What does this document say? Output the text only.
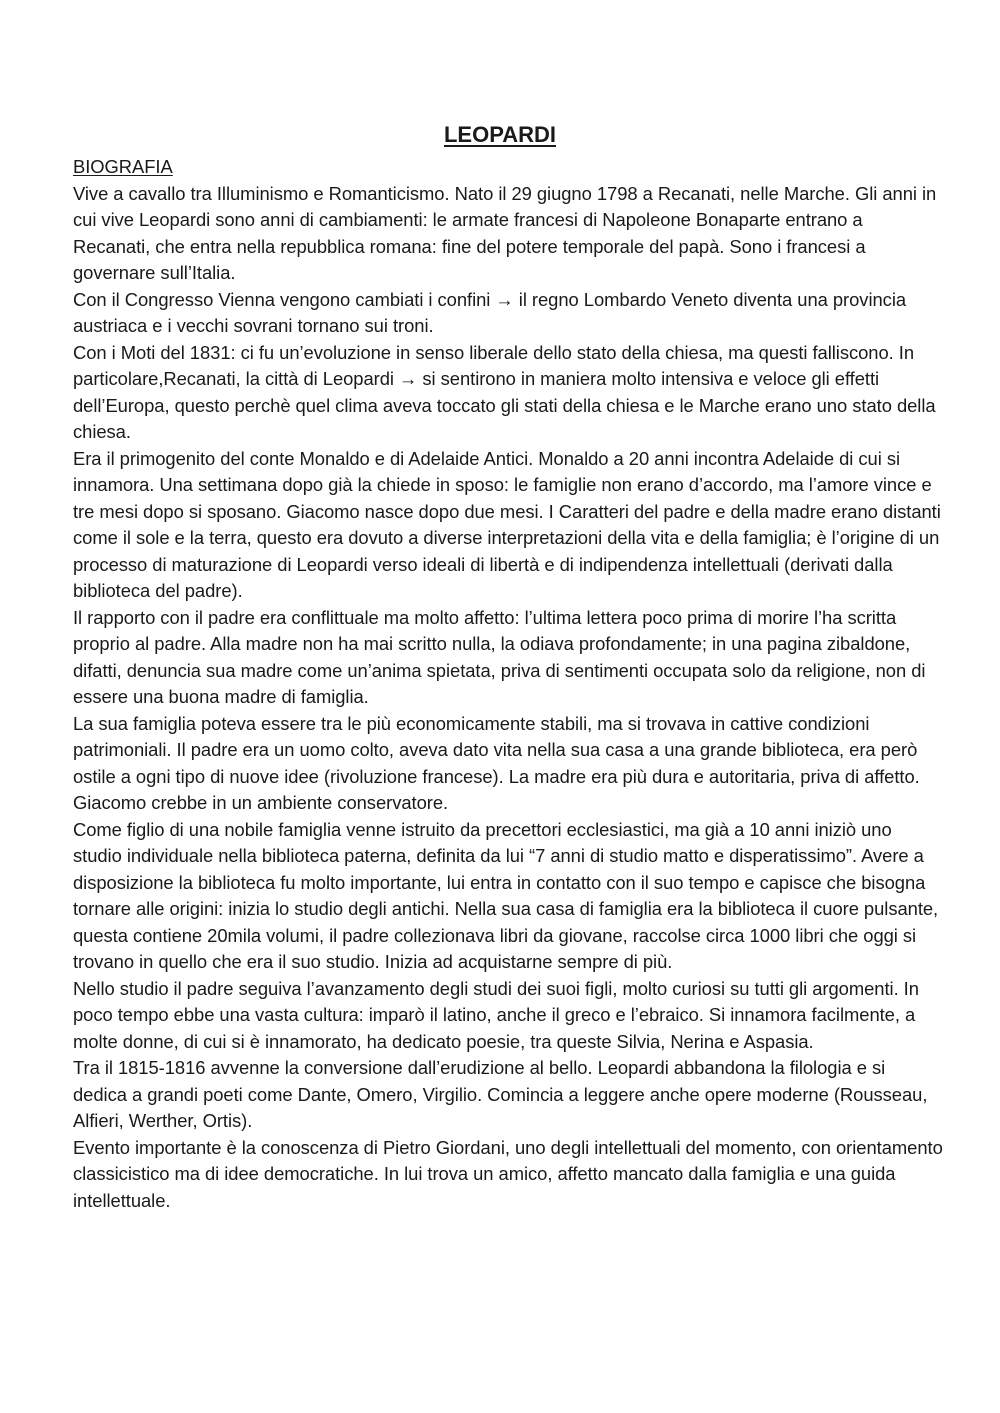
LEOPARDI
BIOGRAFIA

Vive a cavallo tra Illuminismo e Romanticismo. Nato il 29 giugno 1798 a Recanati, nelle Marche. Gli anni in cui vive Leopardi sono anni di cambiamenti: le armate francesi di Napoleone Bonaparte entrano a Recanati, che entra nella repubblica romana: fine del potere temporale del papà. Sono i francesi a governare sull’Italia.

Con il Congresso Vienna vengono cambiati i confini → il regno Lombardo Veneto diventa una provincia austriaca e i vecchi sovrani tornano sui troni.

Con i Moti del 1831: ci fu un’evoluzione in senso liberale dello stato della chiesa, ma questi falliscono. In particolare,Recanati, la città di Leopardi → si sentirono in maniera molto intensiva e veloce gli effetti dell’Europa, questo perchè quel clima aveva toccato gli stati della chiesa e le Marche erano uno stato della chiesa.

Era il primogenito del conte Monaldo e di Adelaide Antici. Monaldo a 20 anni incontra Adelaide di cui si innamora. Una settimana dopo già la chiede in sposo: le famiglie non erano d’accordo, ma l’amore vince e tre mesi dopo si sposano. Giacomo nasce dopo due mesi. I Caratteri del padre e della madre erano distanti come il sole e la terra, questo era dovuto a diverse interpretazioni della vita e della famiglia; è l’origine di un processo di maturazione di Leopardi verso ideali di libertà e di indipendenza intellettuali (derivati dalla biblioteca del padre).

Il rapporto con il padre era conflittuale ma molto affetto: l’ultima lettera poco prima di morire l’ha scritta proprio al padre. Alla madre non ha mai scritto nulla, la odiava profondamente; in una pagina zibaldone, difatti, denuncia sua madre come un’anima spietata, priva di sentimenti occupata solo da religione, non di essere una buona madre di famiglia.

La sua famiglia poteva essere tra le più economicamente stabili, ma si trovava in cattive condizioni patrimoniali. Il padre era un uomo colto, aveva dato vita nella sua casa a una grande biblioteca, era però ostile a ogni tipo di nuove idee (rivoluzione francese). La madre era più dura e autoritaria, priva di affetto. Giacomo crebbe in un ambiente conservatore.

Come figlio di una nobile famiglia venne istruito da precettori ecclesiastici, ma già a 10 anni iniziò uno studio individuale nella biblioteca paterna, definita da lui “7 anni di studio matto e disperatissimo”. Avere a disposizione la biblioteca fu molto importante, lui entra in contatto con il suo tempo e capisce che bisogna tornare alle origini: inizia lo studio degli antichi. Nella sua casa di famiglia era la biblioteca il cuore pulsante, questa contiene 20mila volumi, il padre collezionava libri da giovane, raccolse circa 1000 libri che oggi si trovano in quello che era il suo studio. Inizia ad acquistarne sempre di più.

Nello studio il padre seguiva l’avanzamento degli studi dei suoi figli, molto curiosi su tutti gli argomenti. In poco tempo ebbe una vasta cultura: imparò il latino, anche il greco e l’ebraico. Si innamora facilmente, a molte donne, di cui si è innamorato, ha dedicato poesie, tra queste Silvia, Nerina e Aspasia.

Tra il 1815-1816 avvenne la conversione dall’erudizione al bello. Leopardi abbandona la filologia e si dedica a grandi poeti come Dante, Omero, Virgilio. Comincia a leggere anche opere moderne (Rousseau, Alfieri, Werther, Ortis).

Evento importante è la conoscenza di Pietro Giordani, uno degli intellettuali del momento, con orientamento classicistico ma di idee democratiche. In lui trova un amico, affetto mancato dalla famiglia e una guida intellettuale.
